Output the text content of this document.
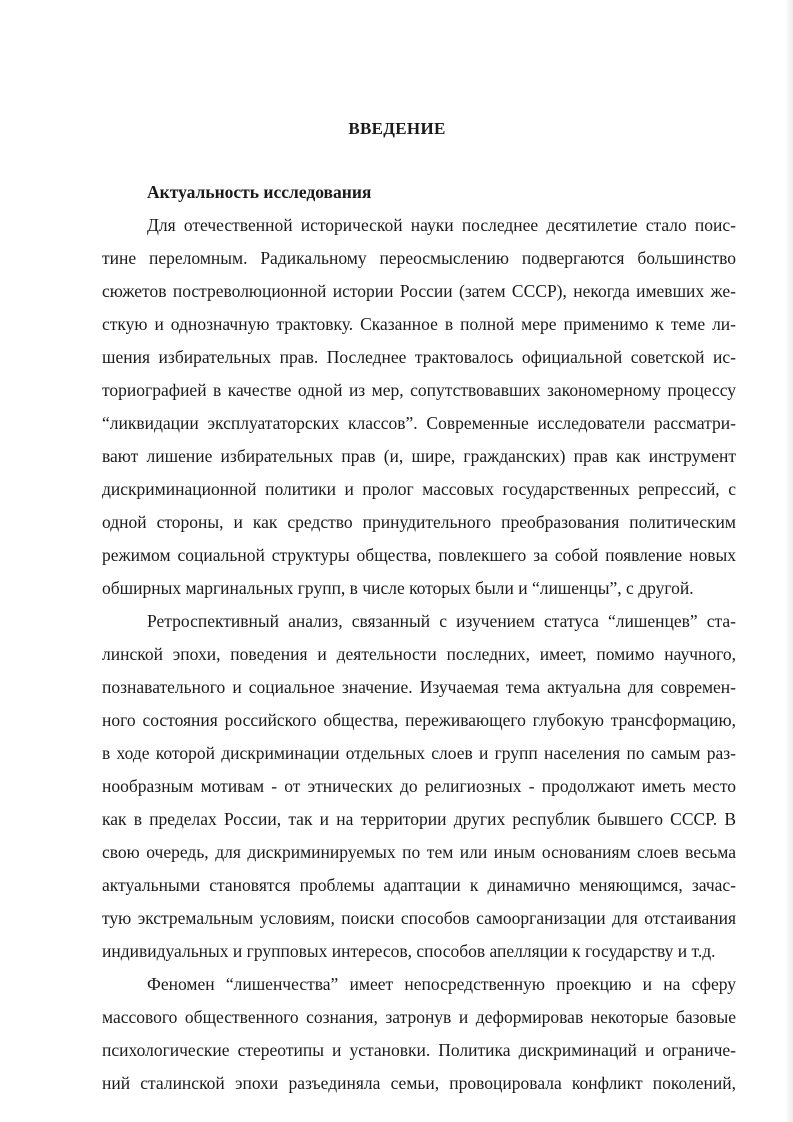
ВВЕДЕНИЕ
Актуальность исследования
Для отечественной исторической науки последнее десятилетие стало поис-
тине переломным. Радикальному переосмыслению подвергаются большинство
сюжетов постреволюционной истории России (затем СССР), некогда имевших же-
сткую и однозначную трактовку. Сказанное в полной мере применимо к теме ли-
шения избирательных прав. Последнее трактовалось официальной советской ис-
ториографией в качестве одной из мер, сопутствовавших закономерному процессу
“ликвидации эксплуататорских классов”. Современные исследователи рассматри-
вают лишение избирательных прав (и, шире, гражданских) прав как инструмент
дискриминационной политики и пролог массовых государственных репрессий, с
одной стороны, и как средство принудительного преобразования политическим
режимом социальной структуры общества, повлекшего за собой появление новых
обширных маргинальных групп, в числе которых были и “лишенцы”, с другой.
Ретроспективный анализ, связанный с изучением статуса “лишенцев” ста-
линской эпохи, поведения и деятельности последних, имеет, помимо научного,
познавательного и социальное значение. Изучаемая тема актуальна для современ-
ного состояния российского общества, переживающего глубокую трансформацию,
в ходе которой дискриминации отдельных слоев и групп населения по самым раз-
нообразным мотивам - от этнических до религиозных - продолжают иметь место
как в пределах России, так и на территории других республик бывшего СССР. В
свою очередь, для дискриминируемых по тем или иным основаниям слоев весьма
актуальными становятся проблемы адаптации к динамично меняющимся, зачас-
тую экстремальным условиям, поиски способов самоорганизации для отстаивания
индивидуальных и групповых интересов, способов апелляции к государству и т.д.
Феномен “лишенчества” имеет непосредственную проекцию и на сферу
массового общественного сознания, затронув и деформировав некоторые базовые
психологические стереотипы и установки. Политика дискриминаций и ограниче-
ний сталинской эпохи разъединяла семьи, провоцировала конфликт поколений,
